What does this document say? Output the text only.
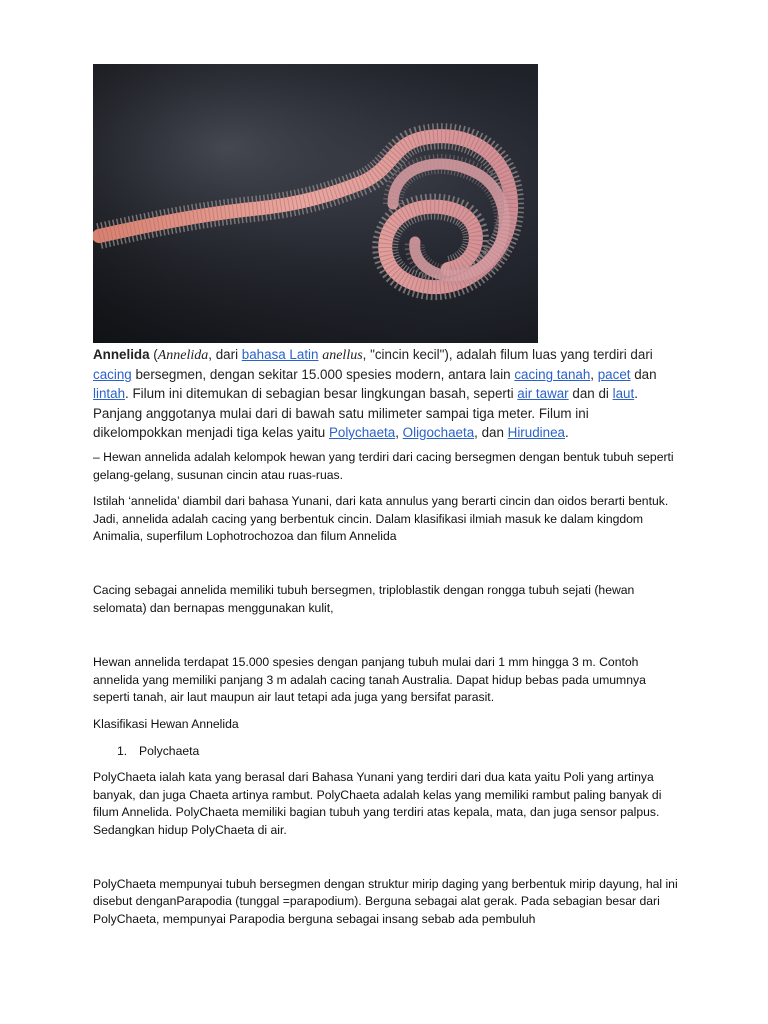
Annelida (Annelida, dari bahasa Latin anellus, "cincin kecil"), adalah filum luas yang terdiri dari cacing bersegmen, dengan sekitar 15.000 spesies modern, antara lain cacing tanah, pacet dan lintah. Filum ini ditemukan di sebagian besar lingkungan basah, seperti air tawar dan di laut. Panjang anggotanya mulai dari di bawah satu milimeter sampai tiga meter. Filum ini dikelompokkan menjadi tiga kelas yaitu Polychaeta, Oligochaeta, dan Hirudinea.

– Hewan annelida adalah kelompok hewan yang terdiri dari cacing bersegmen dengan bentuk tubuh seperti gelang-gelang, susunan cincin atau ruas-ruas.

Istilah ‘annelida’ diambil dari bahasa Yunani, dari kata annulus yang berarti cincin dan oidos berarti bentuk. Jadi, annelida adalah cacing yang berbentuk cincin. Dalam klasifikasi ilmiah masuk ke dalam kingdom Animalia, superfilum Lophotrochozoa dan filum Annelida

Cacing sebagai annelida memiliki tubuh bersegmen, triploblastik dengan rongga tubuh sejati (hewan selomata) dan bernapas menggunakan kulit,

Hewan annelida terdapat 15.000 spesies dengan panjang tubuh mulai dari 1 mm hingga 3 m. Contoh annelida yang memiliki panjang 3 m adalah cacing tanah Australia. Dapat hidup bebas pada umumnya seperti tanah, air laut maupun air laut tetapi ada juga yang bersifat parasit.

Klasifikasi Hewan Annelida

1. Polychaeta

PolyChaeta ialah kata yang berasal dari Bahasa Yunani yang terdiri dari dua kata yaitu Poli yang artinya banyak, dan juga Chaeta artinya rambut. PolyChaeta adalah kelas yang memiliki rambut paling banyak di filum Annelida. PolyChaeta memiliki bagian tubuh yang terdiri atas kepala, mata, dan juga sensor palpus. Sedangkan hidup PolyChaeta di air.

PolyChaeta mempunyai tubuh bersegmen dengan struktur mirip daging yang berbentuk mirip dayung, hal ini disebut denganParapodia (tunggal =parapodium). Berguna sebagai alat gerak. Pada sebagian besar dari PolyChaeta, mempunyai Parapodia berguna sebagai insang sebab ada pembuluh
